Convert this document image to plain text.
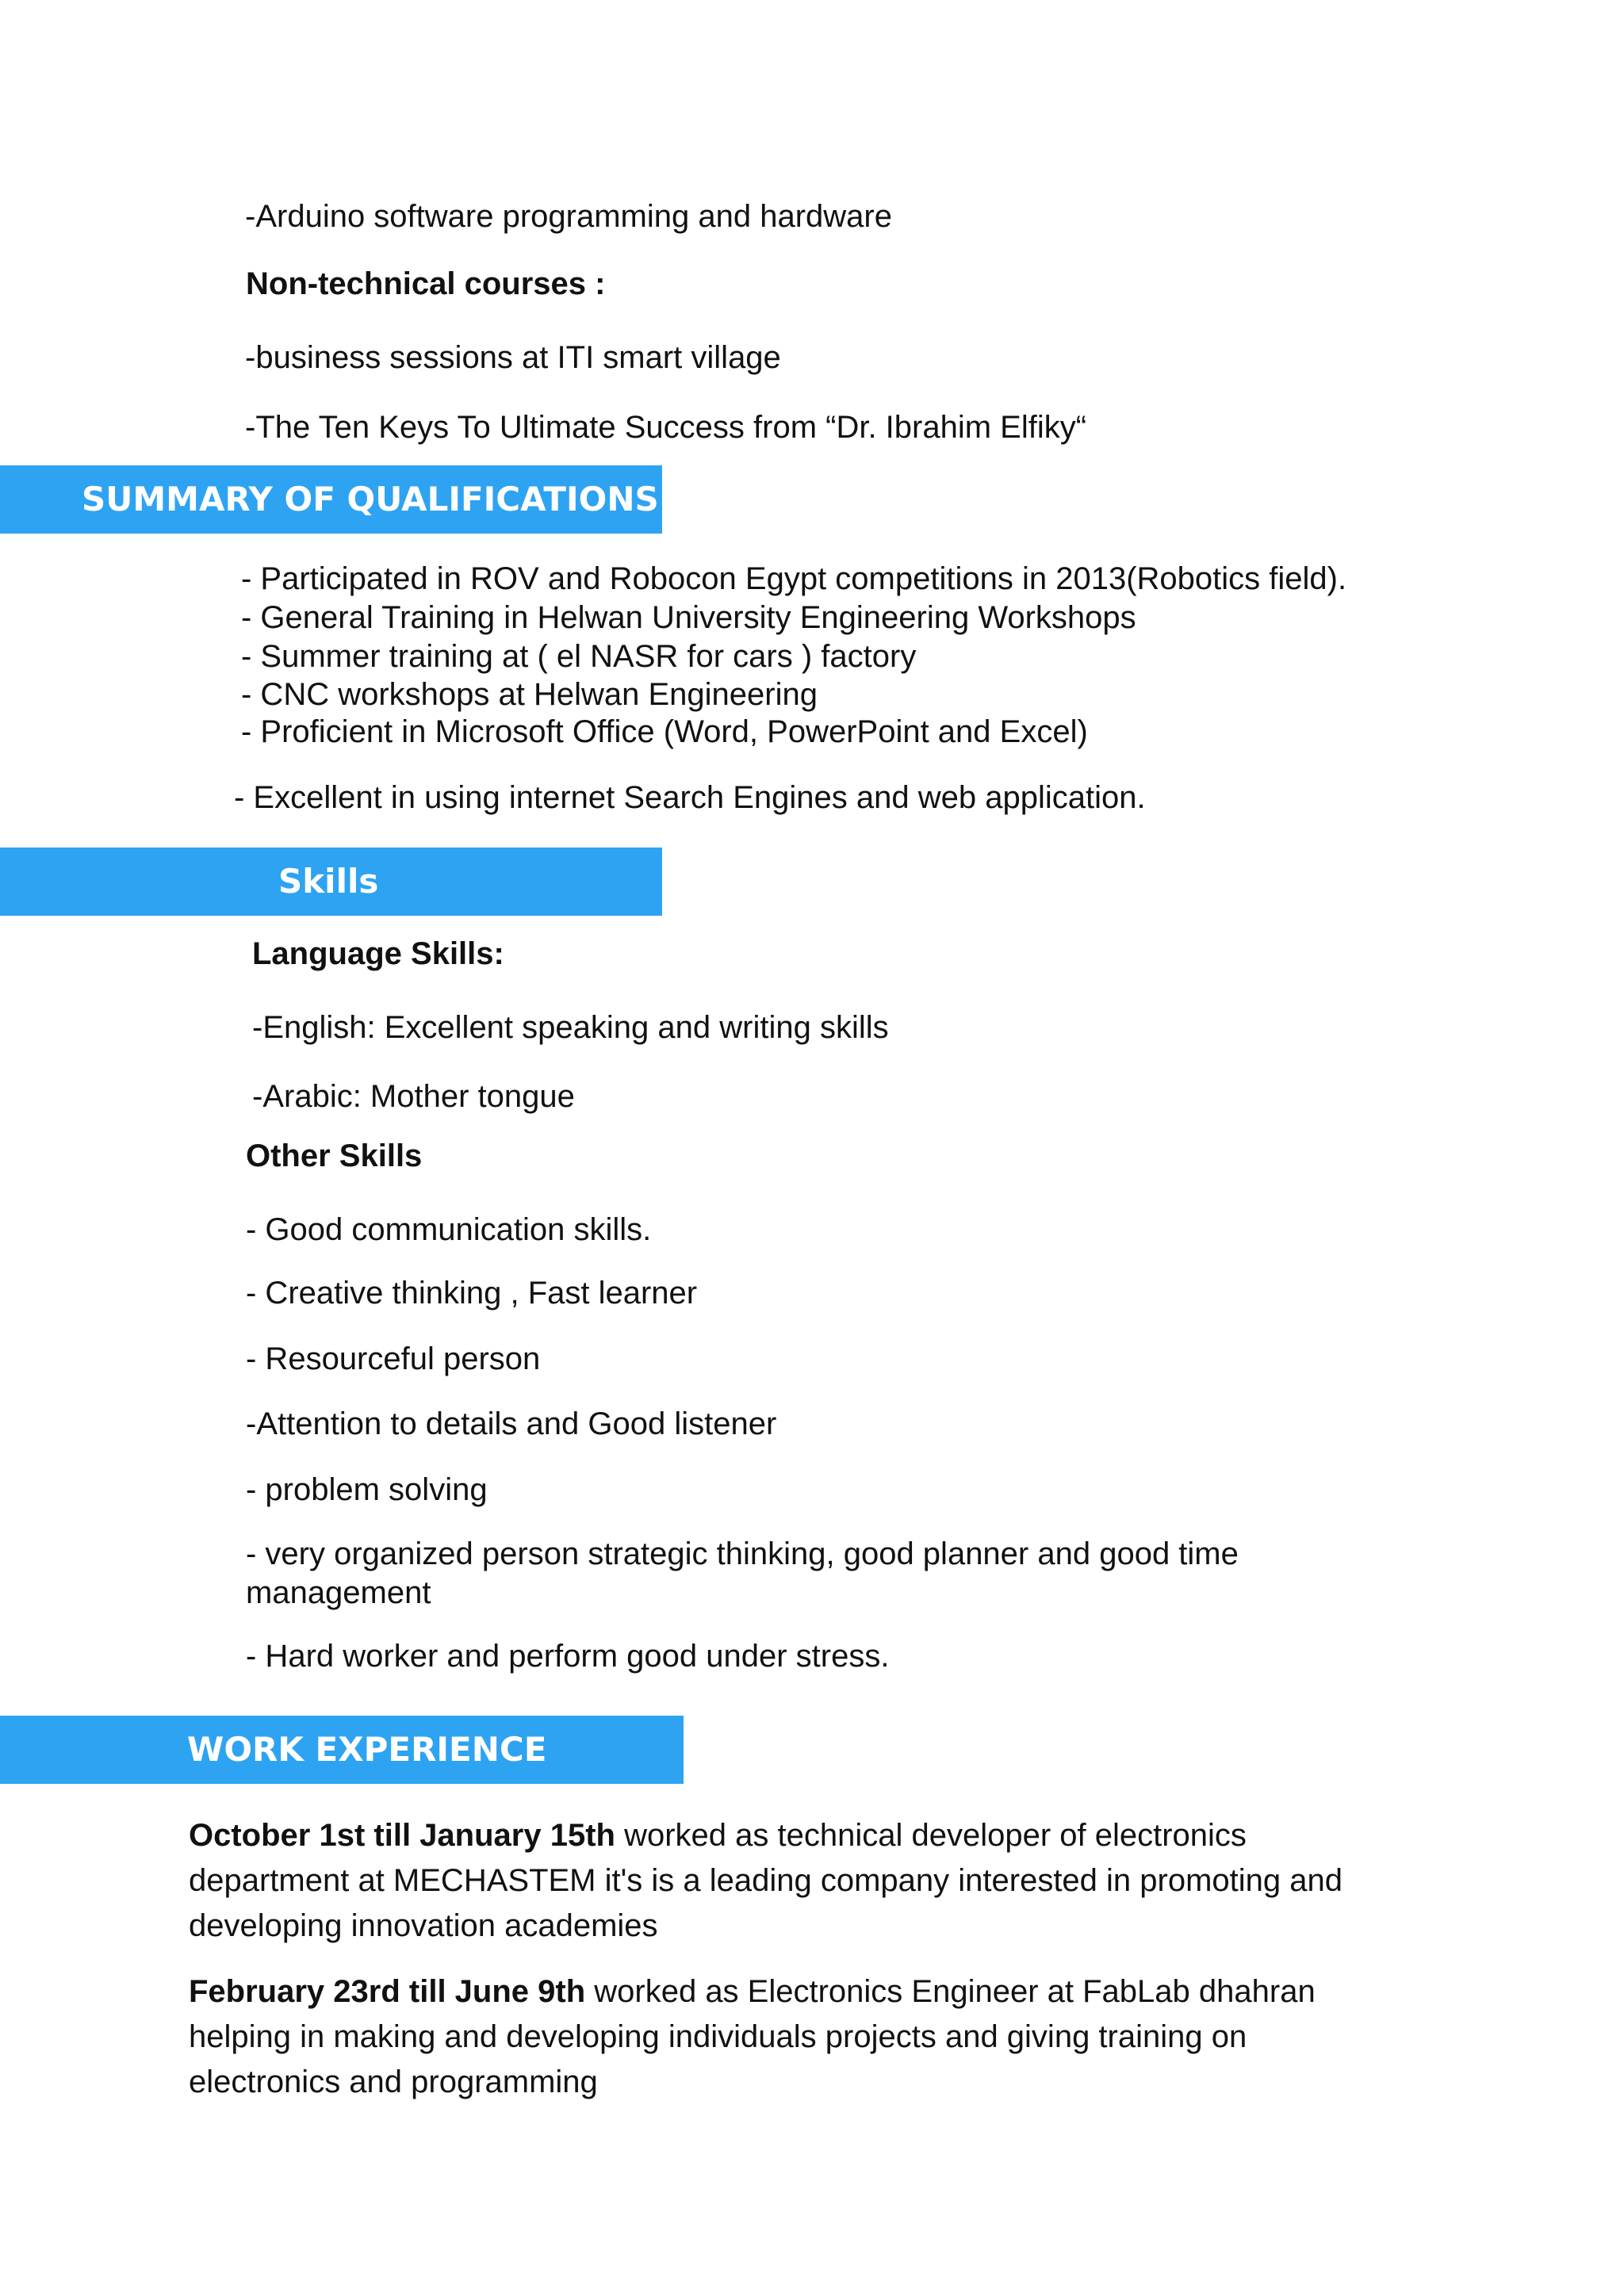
-Arduino software programming and hardware

Non-technical courses :

-business sessions at ITI smart village

-The Ten Keys To Ultimate Success from “Dr. Ibrahim Elfiky“

SUMMARY OF QUALIFICATIONS

- Participated in ROV and Robocon Egypt competitions in 2013(Robotics field).

- General Training in Helwan University Engineering Workshops

- Summer training at ( el NASR for cars ) factory

- CNC workshops at Helwan Engineering

- Proficient in Microsoft Office (Word, PowerPoint and Excel)

- Excellent in using internet Search Engines and web application.

Skills

Language Skills:

-English: Excellent speaking and writing skills

-Arabic: Mother tongue

Other Skills

- Good communication skills.

- Creative thinking , Fast learner

- Resourceful person

-Attention to details and Good listener

- problem solving

- very organized person strategic thinking, good planner and good time

management

- Hard worker and perform good under stress.

WORK EXPERIENCE

October 1st till January 15th worked as technical developer of electronics department at MECHASTEM it's is a leading company interested in promoting and developing innovation academies

February 23rd till June 9th worked as Electronics Engineer at FabLab dhahran helping in making and developing individuals projects and giving training on electronics and programming
